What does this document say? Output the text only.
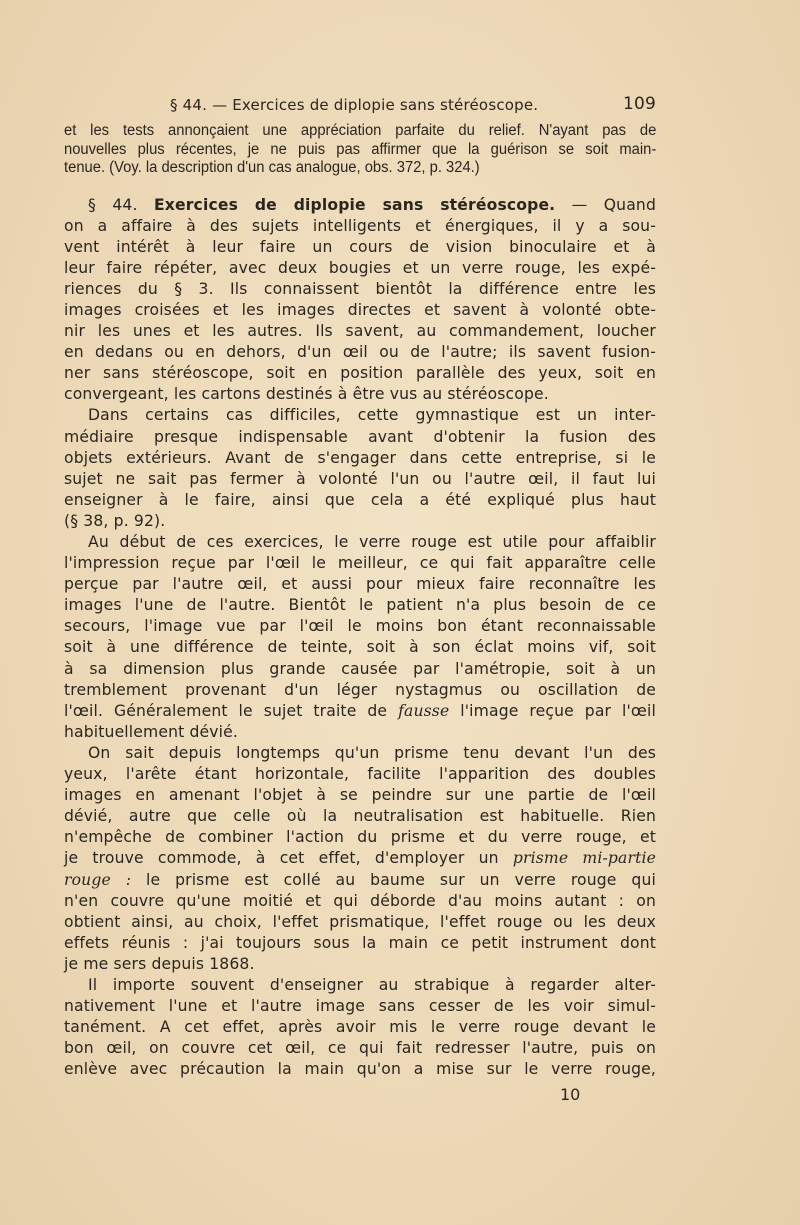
§ 44. — Exercices de diplopie sans stéréoscope.	109
et les tests annonçaient une appréciation parfaite du relief. N'ayant pas de
nouvelles plus récentes, je ne puis pas affirmer que la guérison se soit main-
tenue. (Voy. la description d'un cas analogue, obs. 372, p. 324.)

§ 44. Exercices de diplopie sans stéréoscope. — Quand
on a affaire à des sujets intelligents et énergiques, il y a sou-
vent intérêt à leur faire un cours de vision binoculaire et à
leur faire répéter, avec deux bougies et un verre rouge, les expé-
riences du § 3. Ils connaissent bientôt la différence entre les
images croisées et les images directes et savent à volonté obte-
nir les unes et les autres. Ils savent, au commandement, loucher
en dedans ou en dehors, d'un œil ou de l'autre; ils savent fusion-
ner sans stéréoscope, soit en position parallèle des yeux, soit en
convergeant, les cartons destinés à être vus au stéréoscope.

Dans certains cas difficiles, cette gymnastique est un inter-
médiaire presque indispensable avant d'obtenir la fusion des
objets extérieurs. Avant de s'engager dans cette entreprise, si le
sujet ne sait pas fermer à volonté l'un ou l'autre œil, il faut lui
enseigner à le faire, ainsi que cela a été expliqué plus haut
(§ 38, p. 92).

Au début de ces exercices, le verre rouge est utile pour affaiblir
l'impression reçue par l'œil le meilleur, ce qui fait apparaître celle
perçue par l'autre œil, et aussi pour mieux faire reconnaître les
images l'une de l'autre. Bientôt le patient n'a plus besoin de ce
secours, l'image vue par l'œil le moins bon étant reconnaissable
soit à une différence de teinte, soit à son éclat moins vif, soit
à sa dimension plus grande causée par l'amétropie, soit à un
tremblement provenant d'un léger nystagmus ou oscillation de
l'œil. Généralement le sujet traite de fausse l'image reçue par l'œil
habituellement dévié.

On sait depuis longtemps qu'un prisme tenu devant l'un des
yeux, l'arête étant horizontale, facilite l'apparition des doubles
images en amenant l'objet à se peindre sur une partie de l'œil
dévié, autre que celle où la neutralisation est habituelle. Rien
n'empêche de combiner l'action du prisme et du verre rouge, et
je trouve commode, à cet effet, d'employer un prisme mi-partie
rouge : le prisme est collé au baume sur un verre rouge qui
n'en couvre qu'une moitié et qui déborde d'au moins autant : on
obtient ainsi, au choix, l'effet prismatique, l'effet rouge ou les deux
effets réunis : j'ai toujours sous la main ce petit instrument dont
je me sers depuis 1868.

Il importe souvent d'enseigner au strabique à regarder alter-
nativement l'une et l'autre image sans cesser de les voir simul-
tanément. A cet effet, après avoir mis le verre rouge devant le
bon œil, on couvre cet œil, ce qui fait redresser l'autre, puis on
enlève avec précaution la main qu'on a mise sur le verre rouge,

10
